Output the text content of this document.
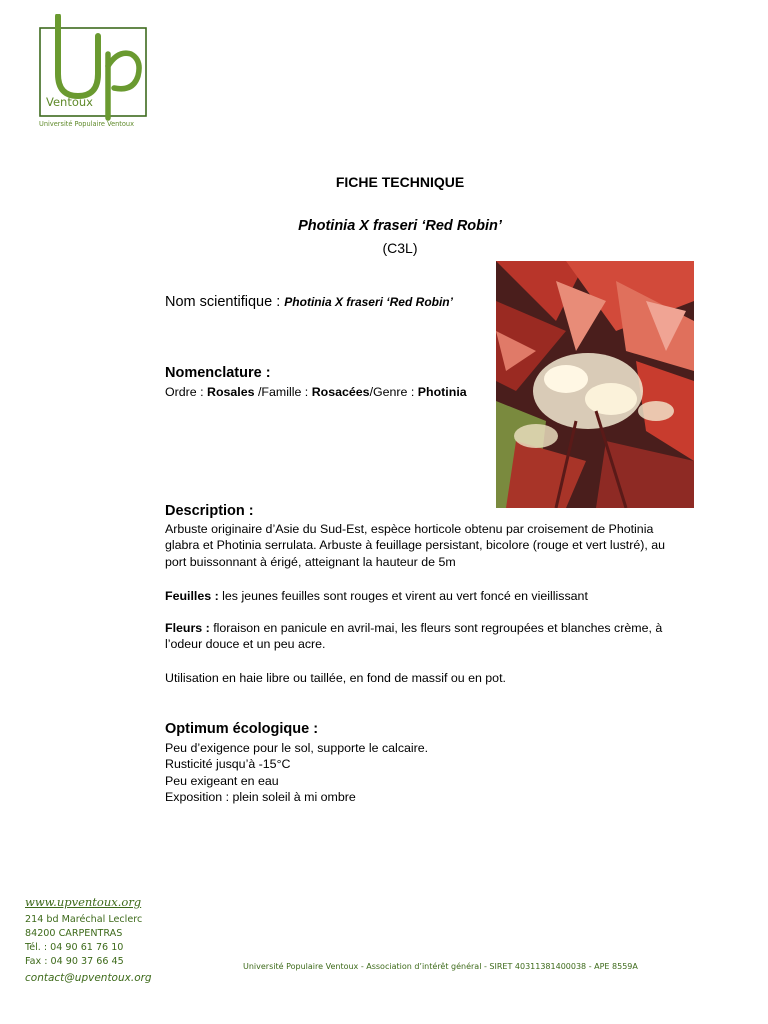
Ventoux
Université Populaire Ventoux
FICHE TECHNIQUE
Photinia X fraseri ‘Red Robin’
(C3L)
Nom scientifique : Photinia X fraseri ‘Red Robin’
Nomenclature :
Ordre : Rosales /Famille : Rosacées/Genre : Photinia
Description :
Arbuste originaire d’Asie du Sud-Est, espèce horticole obtenu par croisement de Photinia glabra et Photinia serrulata. Arbuste à feuillage persistant, bicolore (rouge et vert lustré), au port buissonnant à érigé, atteignant la hauteur de 5m
Feuilles : les jeunes feuilles sont rouges et virent au vert foncé en vieillissant
Fleurs : floraison en panicule en avril-mai, les fleurs sont regroupées et blanches crème, à l’odeur douce et un peu acre.
Utilisation en haie libre ou taillée, en fond de massif ou en pot.
Optimum écologique :
Peu d’exigence pour le sol, supporte le calcaire.
Rusticité jusqu’à -15°C
Peu exigeant en eau
Exposition : plein soleil à mi ombre
www.upventoux.org
214 bd Maréchal Leclerc
84200 CARPENTRAS
Tél. : 04 90 61 76 10
Fax : 04 90 37 66 45
contact@upventoux.org
Université Populaire Ventoux - Association d’intérêt général - SIRET 40311381400038 - APE 8559A
